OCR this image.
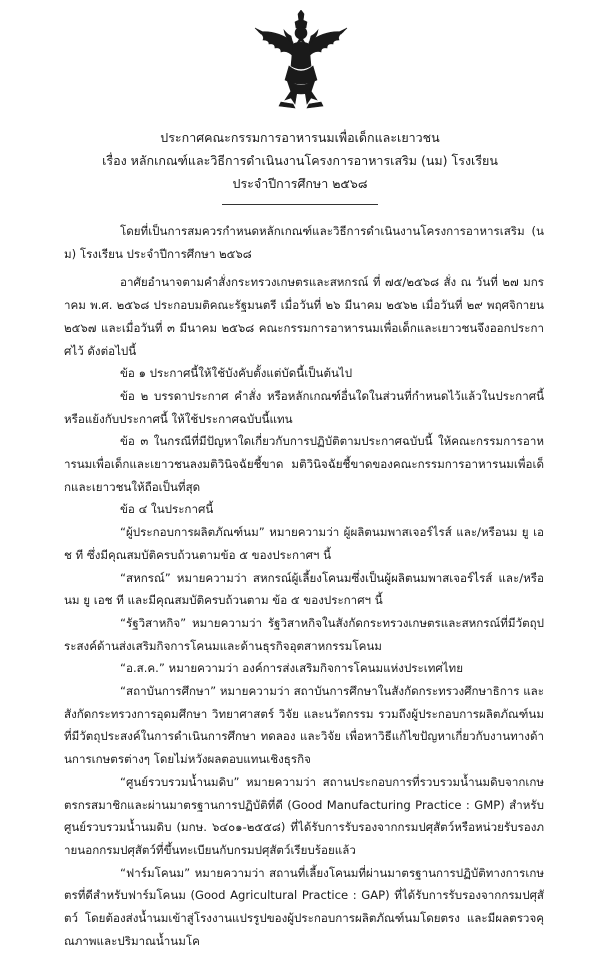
ประกาศคณะกรรมการอาหารนมเพื่อเด็กและเยาวชน
เรื่อง หลักเกณฑ์และวิธีการดำเนินงานโครงการอาหารเสริม (นม) โรงเรียน
ประจำปีการศึกษา ๒๕๖๘

โดยที่เป็นการสมควรกำหนดหลักเกณฑ์และวิธีการดำเนินงานโครงการอาหารเสริม (นม) โรงเรียน ประจำปีการศึกษา ๒๕๖๘

อาศัยอำนาจตามคำสั่งกระทรวงเกษตรและสหกรณ์ ที่ ๗๕/๒๕๖๘ สั่ง ณ วันที่ ๒๗ มกราคม พ.ศ. ๒๕๖๘ ประกอบมติคณะรัฐมนตรี เมื่อวันที่ ๒๖ มีนาคม ๒๕๖๒ เมื่อวันที่ ๒๙ พฤศจิกายน ๒๕๖๗ และเมื่อวันที่ ๓ มีนาคม ๒๕๖๘ คณะกรรมการอาหารนมเพื่อเด็กและเยาวชนจึงออกประกาศไว้ ดังต่อไปนี้

ข้อ ๑ ประกาศนี้ให้ใช้บังคับตั้งแต่บัดนี้เป็นต้นไป

ข้อ ๒ บรรดาประกาศ คำสั่ง หรือหลักเกณฑ์อื่นใดในส่วนที่กำหนดไว้แล้วในประกาศนี้ หรือแย้งกับประกาศนี้ ให้ใช้ประกาศฉบับนี้แทน

ข้อ ๓ ในกรณีที่มีปัญหาใดเกี่ยวกับการปฏิบัติตามประกาศฉบับนี้ ให้คณะกรรมการอาหารนมเพื่อเด็กและเยาวชนลงมติวินิจฉัยชี้ขาด มติวินิจฉัยชี้ขาดของคณะกรรมการอาหารนมเพื่อเด็กและเยาวชนให้ถือเป็นที่สุด

ข้อ ๔ ในประกาศนี้

“ผู้ประกอบการผลิตภัณฑ์นม” หมายความว่า ผู้ผลิตนมพาสเจอร์ไรส์ และ/หรือนม ยู เอช ที ซึ่งมีคุณสมบัติครบถ้วนตามข้อ ๕ ของประกาศฯ นี้

“สหกรณ์” หมายความว่า สหกรณ์ผู้เลี้ยงโคนมซึ่งเป็นผู้ผลิตนมพาสเจอร์ไรส์ และ/หรือนม ยู เอช ที และมีคุณสมบัติครบถ้วนตาม ข้อ ๕ ของประกาศฯ นี้

“รัฐวิสาหกิจ” หมายความว่า รัฐวิสาหกิจในสังกัดกระทรวงเกษตรและสหกรณ์ที่มีวัตถุประสงค์ด้านส่งเสริมกิจการโคนมและด้านธุรกิจอุตสาหกรรมโคนม

“อ.ส.ค.” หมายความว่า องค์การส่งเสริมกิจการโคนมแห่งประเทศไทย

“สถาบันการศึกษา” หมายความว่า สถาบันการศึกษาในสังกัดกระทรวงศึกษาธิการ และสังกัดกระทรวงการอุดมศึกษา วิทยาศาสตร์ วิจัย และนวัตกรรม รวมถึงผู้ประกอบการผลิตภัณฑ์นมที่มีวัตถุประสงค์ในการดำเนินการศึกษา ทดลอง และวิจัย เพื่อหาวิธีแก้ไขปัญหาเกี่ยวกับงานทางด้านการเกษตรต่างๆ โดยไม่หวังผลตอบแทนเชิงธุรกิจ

“ศูนย์รวบรวมน้ำนมดิบ” หมายความว่า สถานประกอบการที่รวบรวมน้ำนมดิบจากเกษตรกรสมาชิกและผ่านมาตรฐานการปฏิบัติที่ดี (Good Manufacturing Practice : GMP) สำหรับศูนย์รวบรวมน้ำนมดิบ (มกษ. ๖๔๐๑-๒๕๕๘) ที่ได้รับการรับรองจากกรมปศุสัตว์หรือหน่วยรับรองภายนอกกรมปศุสัตว์ที่ขึ้นทะเบียนกับกรมปศุสัตว์เรียบร้อยแล้ว

“ฟาร์มโคนม” หมายความว่า สถานที่เลี้ยงโคนมที่ผ่านมาตรฐานการปฏิบัติทางการเกษตรที่ดีสำหรับฟาร์มโคนม (Good Agricultural Practice : GAP) ที่ได้รับการรับรองจากกรมปศุสัตว์ โดยต้องส่งน้ำนมเข้าสู่โรงงานแปรรูปของผู้ประกอบการผลิตภัณฑ์นมโดยตรง และมีผลตรวจคุณภาพและปริมาณน้ำนมโค
